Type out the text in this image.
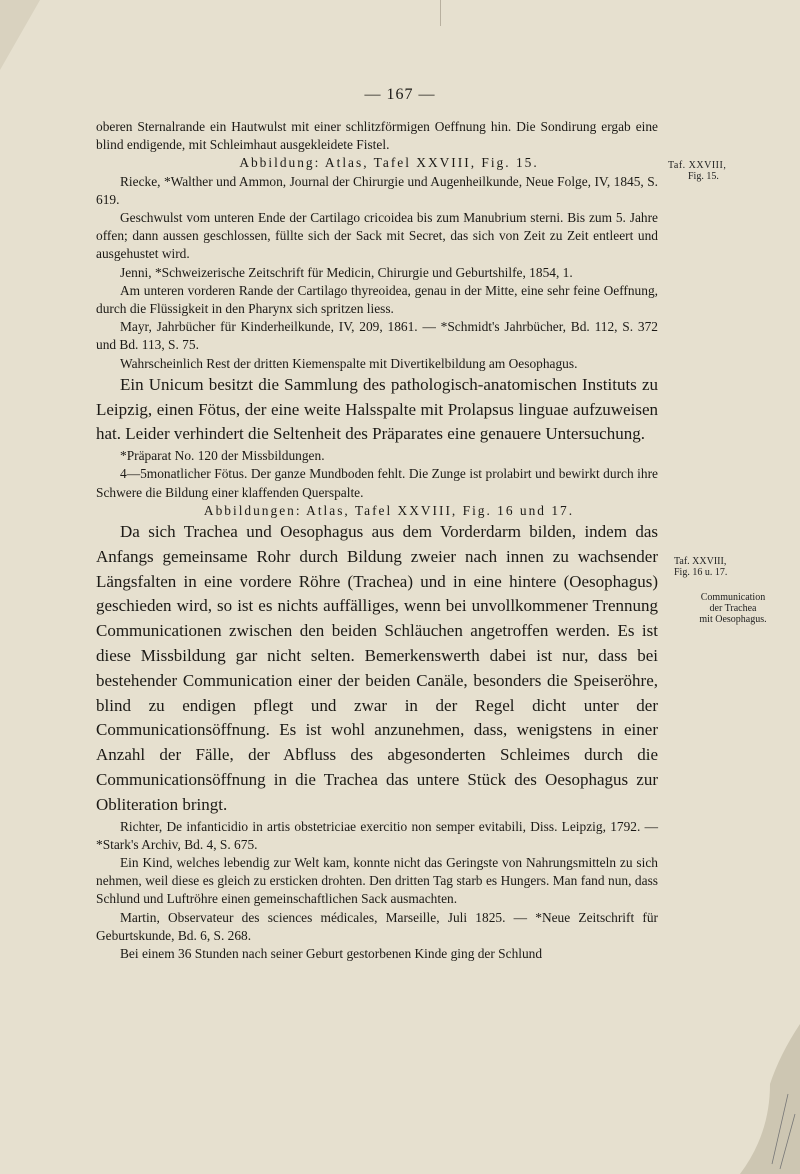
— 167 —

oberen Sternalrande ein Hautwulst mit einer schlitzförmigen Oeffnung hin. Die Sondirung ergab eine blind endigende, mit Schleimhaut ausgekleidete Fistel.

Abbildung: Atlas, Tafel XXVIII, Fig. 15.

Riecke, *Walther und Ammon, Journal der Chirurgie und Augenheilkunde, Neue Folge, IV, 1845, S. 619.

Geschwulst vom unteren Ende der Cartilago cricoidea bis zum Manubrium sterni. Bis zum 5. Jahre offen; dann aussen geschlossen, füllte sich der Sack mit Secret, das sich von Zeit zu Zeit entleert und ausgehustet wird.

Jenni, *Schweizerische Zeitschrift für Medicin, Chirurgie und Geburtshilfe, 1854, 1.

Am unteren vorderen Rande der Cartilago thyreoidea, genau in der Mitte, eine sehr feine Oeffnung, durch die Flüssigkeit in den Pharynx sich spritzen liess.

Mayr, Jahrbücher für Kinderheilkunde, IV, 209, 1861. — *Schmidt's Jahrbücher, Bd. 112, S. 372 und Bd. 113, S. 75.

Wahrscheinlich Rest der dritten Kiemenspalte mit Divertikelbildung am Oesophagus.

Ein Unicum besitzt die Sammlung des pathologisch-anatomischen Instituts zu Leipzig, einen Fötus, der eine weite Halsspalte mit Prolapsus linguae aufzuweisen hat. Leider verhindert die Seltenheit des Präparates eine genauere Untersuchung.

*Präparat No. 120 der Missbildungen.

4—5monatlicher Fötus. Der ganze Mundboden fehlt. Die Zunge ist prolabirt und bewirkt durch ihre Schwere die Bildung einer klaffenden Querspalte.

Abbildungen: Atlas, Tafel XXVIII, Fig. 16 und 17.

Da sich Trachea und Oesophagus aus dem Vorderdarm bilden, indem das Anfangs gemeinsame Rohr durch Bildung zweier nach innen zu wachsender Längsfalten in eine vordere Röhre (Trachea) und in eine hintere (Oesophagus) geschieden wird, so ist es nichts auffälliges, wenn bei unvollkommener Trennung Communicationen zwischen den beiden Schläuchen angetroffen werden. Es ist diese Missbildung gar nicht selten. Bemerkenswerth dabei ist nur, dass bei bestehender Communication einer der beiden Canäle, besonders die Speiseröhre, blind zu endigen pflegt und zwar in der Regel dicht unter der Communicationsöffnung. Es ist wohl anzunehmen, dass, wenigstens in einer Anzahl der Fälle, der Abfluss des abgesonderten Schleimes durch die Communicationsöffnung in die Trachea das untere Stück des Oesophagus zur Obliteration bringt.

Richter, De infanticidio in artis obstetriciae exercitio non semper evitabili, Diss. Leipzig, 1792. — *Stark's Archiv, Bd. 4, S. 675.

Ein Kind, welches lebendig zur Welt kam, konnte nicht das Geringste von Nahrungsmitteln zu sich nehmen, weil diese es gleich zu ersticken drohten. Den dritten Tag starb es Hungers. Man fand nun, dass Schlund und Luftröhre einen gemeinschaftlichen Sack ausmachten.

Martin, Observateur des sciences médicales, Marseille, Juli 1825. — *Neue Zeitschrift für Geburtskunde, Bd. 6, S. 268.

Bei einem 36 Stunden nach seiner Geburt gestorbenen Kinde ging der Schlund

Taf. XXVIII,
Fig. 15.
Taf. XXVIII,
Fig. 16 u. 17.
Communication
der Trachea
mit Oesophagus.
